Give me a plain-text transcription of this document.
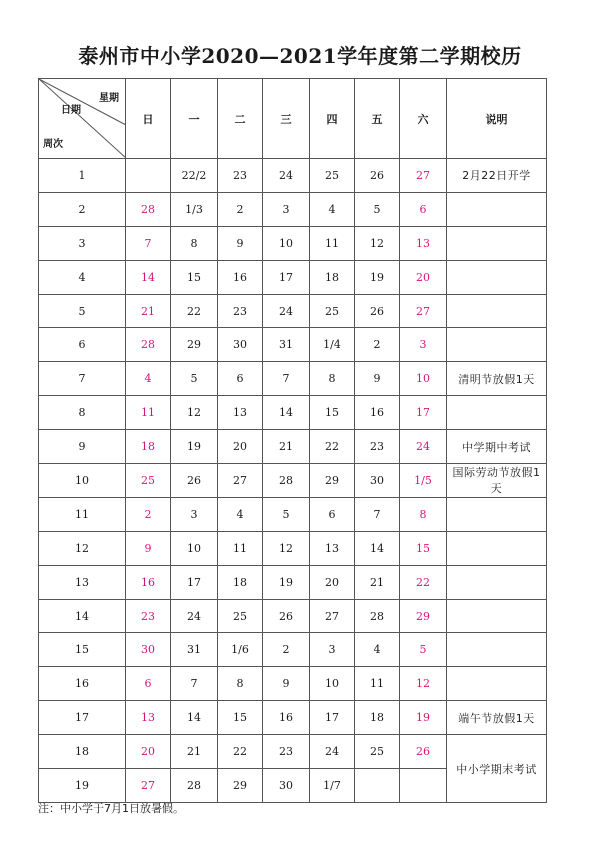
泰州市中小学2020—2021学年度第二学期校历
星期
日期
周次	日	一	二	三	四	五	六	说明
1		22/2	23	24	25	26	27	2月22日开学
2	28	1/3	2	3	4	5	6	
3	7	8	9	10	11	12	13	
4	14	15	16	17	18	19	20	
5	21	22	23	24	25	26	27	
6	28	29	30	31	1/4	2	3	
7	4	5	6	7	8	9	10	清明节放假1天
8	11	12	13	14	15	16	17	
9	18	19	20	21	22	23	24	中学期中考试
10	25	26	27	28	29	30	1/5	国际劳动节放假1天
11	2	3	4	5	6	7	8	
12	9	10	11	12	13	14	15	
13	16	17	18	19	20	21	22	
14	23	24	25	26	27	28	29	
15	30	31	1/6	2	3	4	5	
16	6	7	8	9	10	11	12	
17	13	14	15	16	17	18	19	端午节放假1天
18	20	21	22	23	24	25	26	中小学期末考试
19	27	28	29	30	1/7			
注：中小学于7月1日放暑假。
